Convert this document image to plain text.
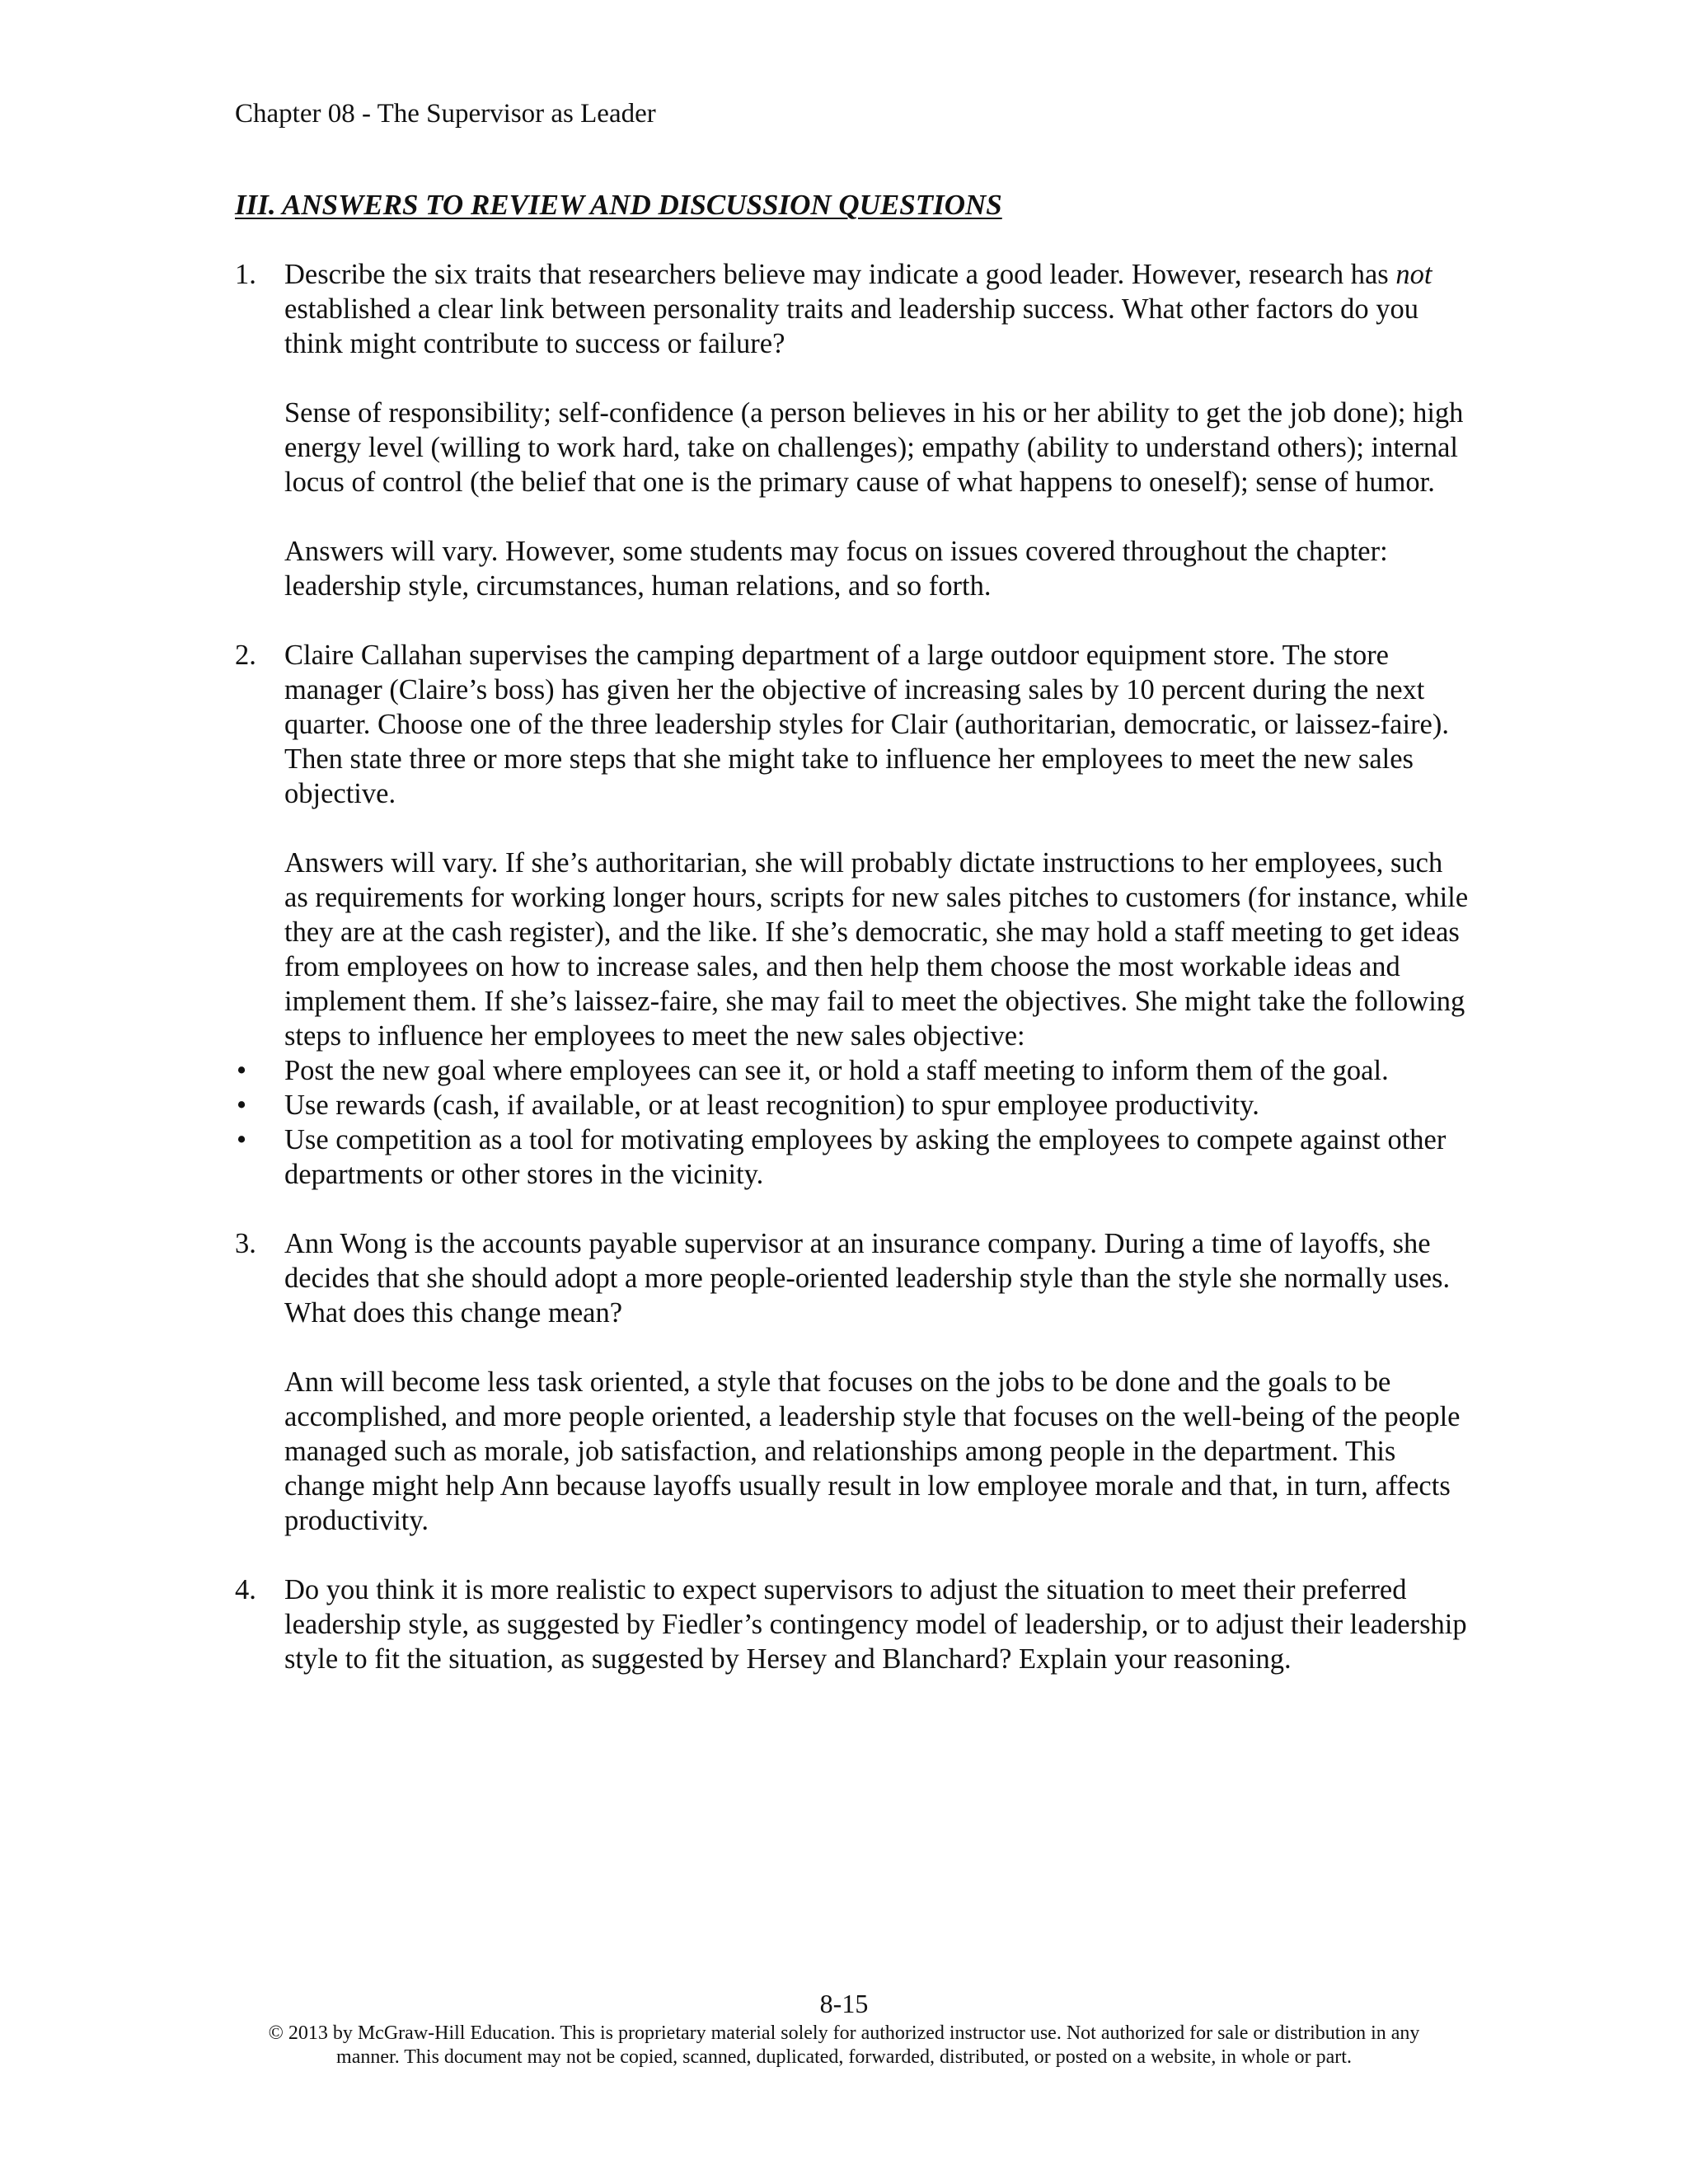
Chapter 08 - The Supervisor as Leader
III. ANSWERS TO REVIEW AND DISCUSSION QUESTIONS
1. Describe the six traits that researchers believe may indicate a good leader. However, research has not established a clear link between personality traits and leadership success. What other factors do you think might contribute to success or failure?

Sense of responsibility; self-confidence (a person believes in his or her ability to get the job done); high energy level (willing to work hard, take on challenges); empathy (ability to understand others); internal locus of control (the belief that one is the primary cause of what happens to oneself); sense of humor.

Answers will vary. However, some students may focus on issues covered throughout the chapter: leadership style, circumstances, human relations, and so forth.

2. Claire Callahan supervises the camping department of a large outdoor equipment store. The store manager (Claire’s boss) has given her the objective of increasing sales by 10 percent during the next quarter. Choose one of the three leadership styles for Clair (authoritarian, democratic, or laissez-faire). Then state three or more steps that she might take to influence her employees to meet the new sales objective.

Answers will vary. If she’s authoritarian, she will probably dictate instructions to her employees, such as requirements for working longer hours, scripts for new sales pitches to customers (for instance, while they are at the cash register), and the like. If she’s democratic, she may hold a staff meeting to get ideas from employees on how to increase sales, and then help them choose the most workable ideas and implement them. If she’s laissez-faire, she may fail to meet the objectives. She might take the following steps to influence her employees to meet the new sales objective:

• Post the new goal where employees can see it, or hold a staff meeting to inform them of the goal.
• Use rewards (cash, if available, or at least recognition) to spur employee productivity.
• Use competition as a tool for motivating employees by asking the employees to compete against other departments or other stores in the vicinity.
3. Ann Wong is the accounts payable supervisor at an insurance company. During a time of layoffs, she decides that she should adopt a more people-oriented leadership style than the style she normally uses. What does this change mean?

Ann will become less task oriented, a style that focuses on the jobs to be done and the goals to be accomplished, and more people oriented, a leadership style that focuses on the well-being of the people managed such as morale, job satisfaction, and relationships among people in the department. This change might help Ann because layoffs usually result in low employee morale and that, in turn, affects productivity.

4. Do you think it is more realistic to expect supervisors to adjust the situation to meet their preferred leadership style, as suggested by Fiedler’s contingency model of leadership, or to adjust their leadership style to fit the situation, as suggested by Hersey and Blanchard? Explain your reasoning.

8-15
© 2013 by McGraw-Hill Education. This is proprietary material solely for authorized instructor use. Not authorized for sale or distribution in any manner. This document may not be copied, scanned, duplicated, forwarded, distributed, or posted on a website, in whole or part.
